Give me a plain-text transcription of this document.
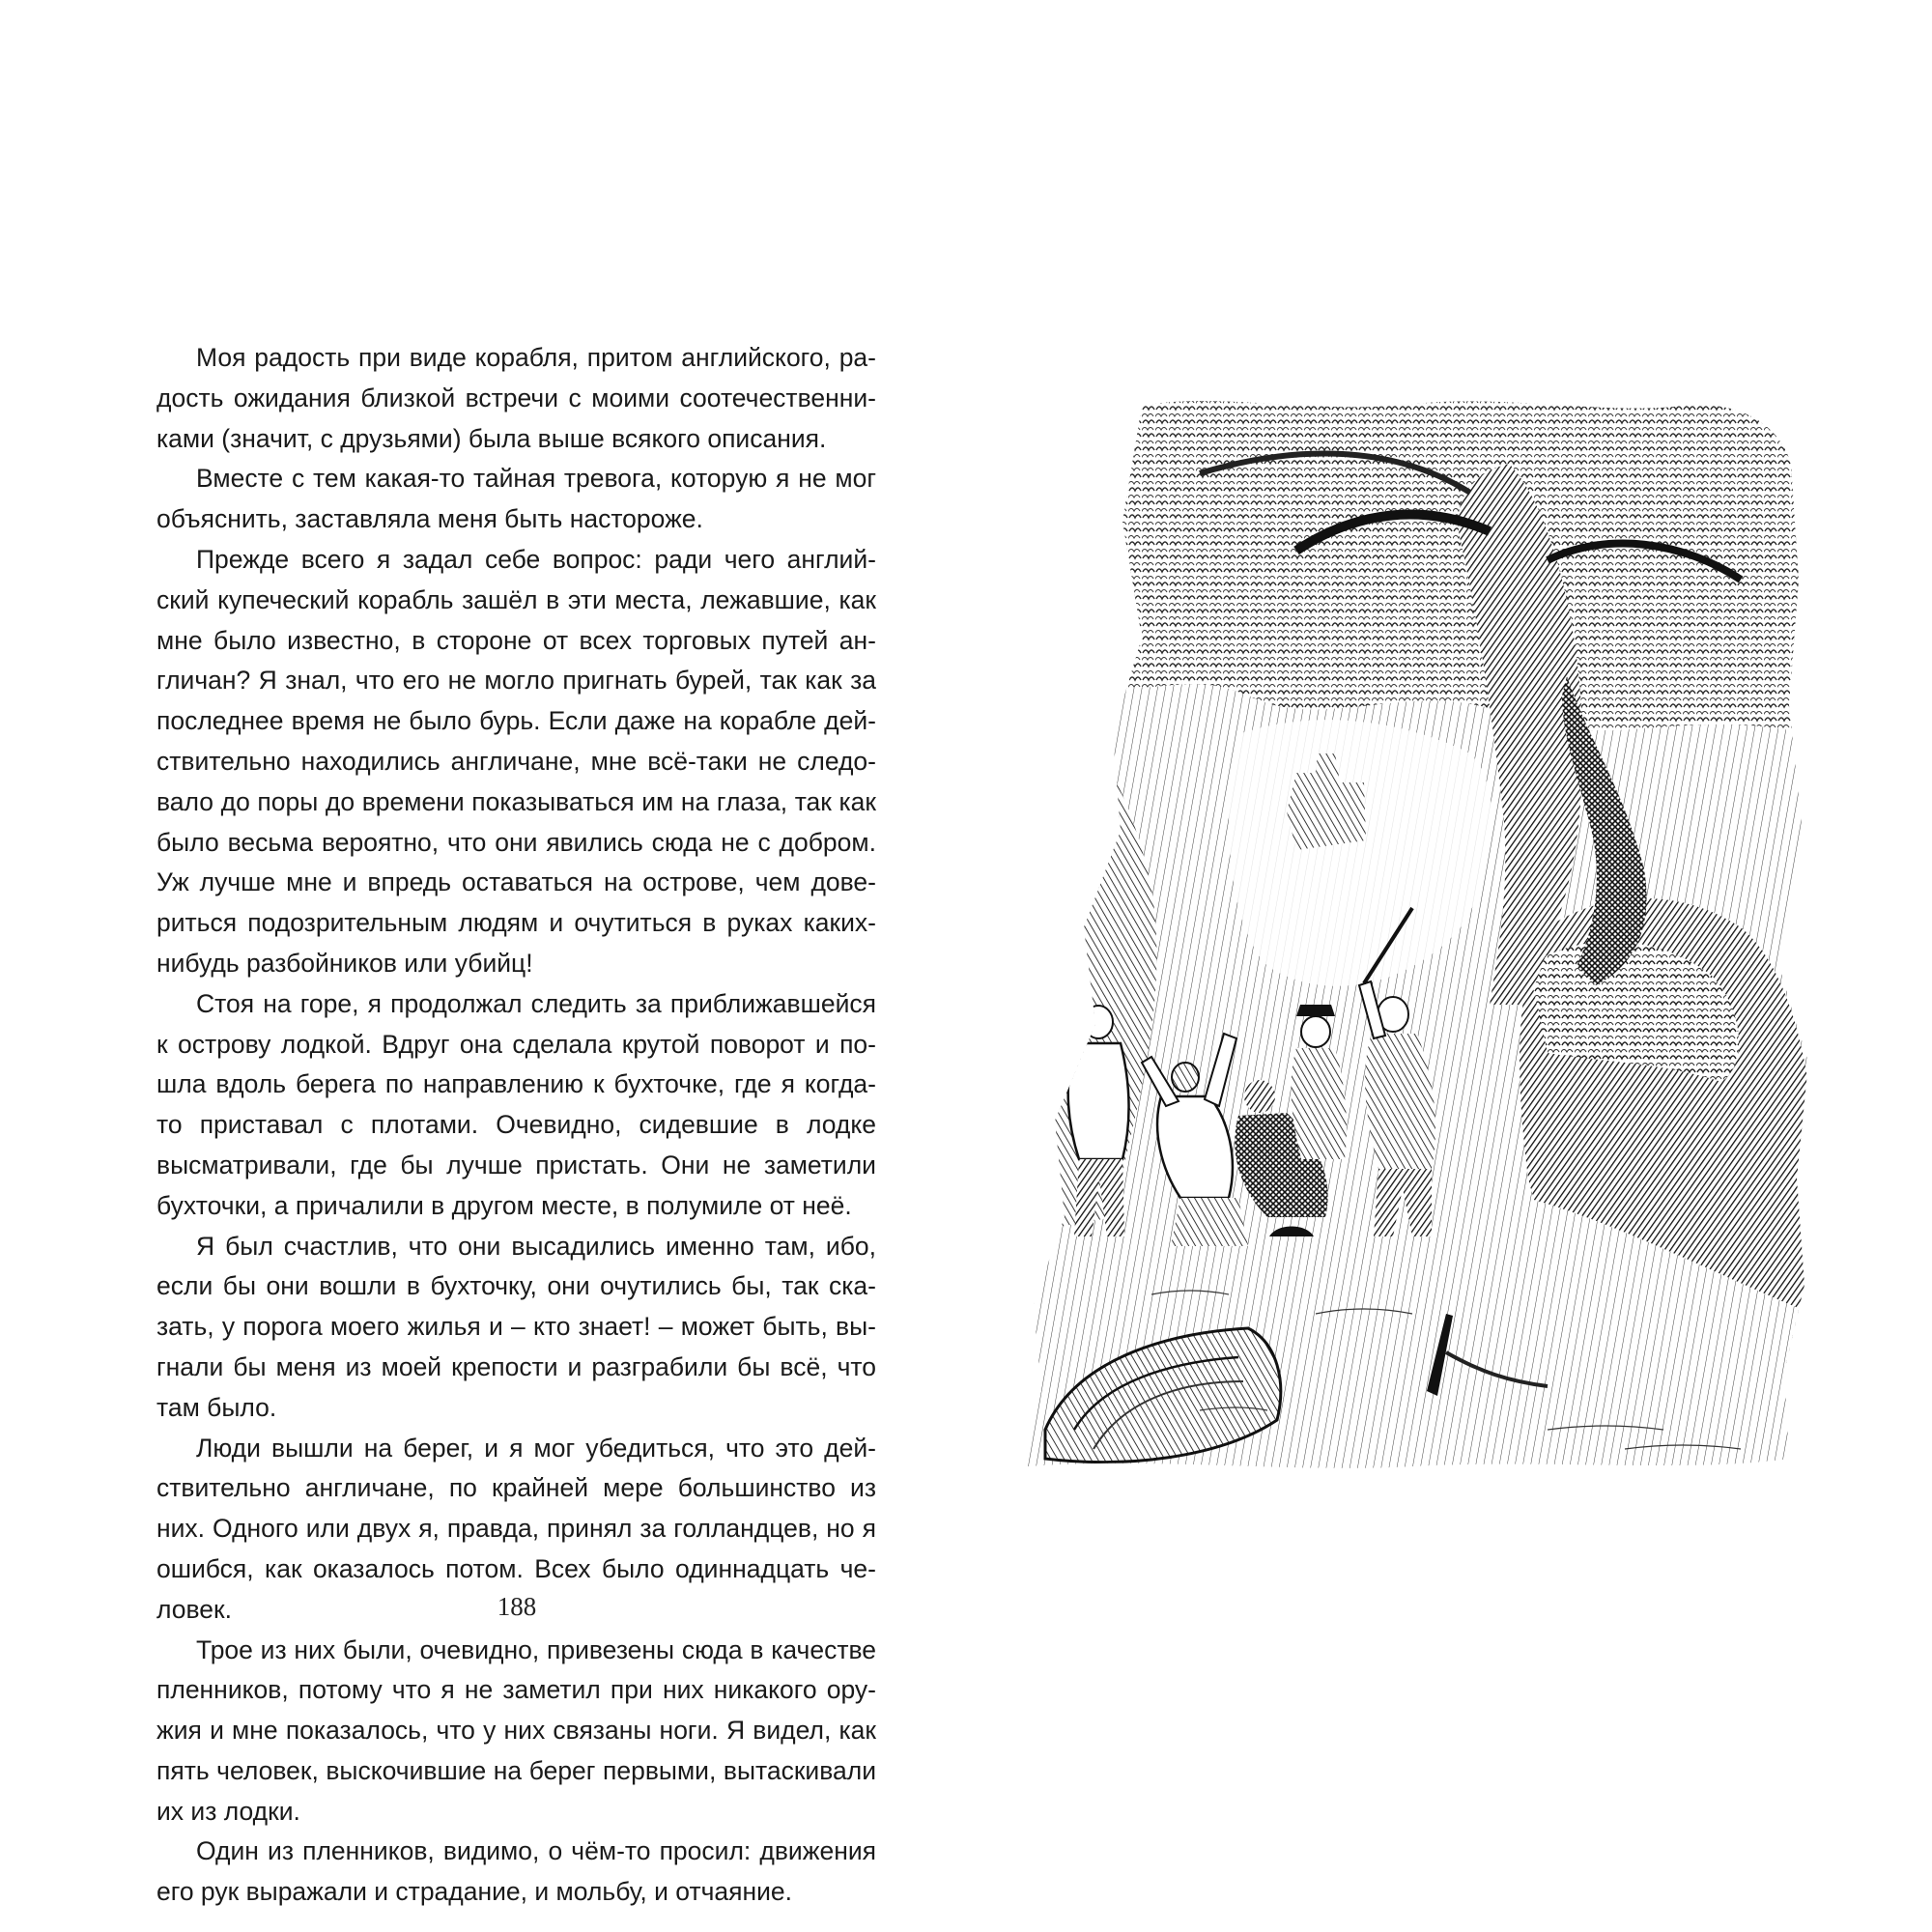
Моя радость при виде корабля, притом английского, радость ожидания близкой встречи с моими соотечественниками (значит, с друзьями) была выше всякого описания.

Вместе с тем какая-то тайная тревога, которую я не мог объяснить, заставляла меня быть настороже.

Прежде всего я задал себе вопрос: ради чего английский купеческий корабль зашёл в эти места, лежавшие, как мне было известно, в стороне от всех торговых путей англичан? Я знал, что его не могло пригнать бурей, так как за последнее время не было бурь. Если даже на корабле действительно находились англичане, мне всё-таки не следовало до поры до времени показываться им на глаза, так как было весьма вероятно, что они явились сюда не с добром. Уж лучше мне и впредь оставаться на острове, чем довериться подозрительным людям и очутиться в руках какихнибудь разбойников или убийц!

Стоя на горе, я продолжал следить за приближавшейся к острову лодкой. Вдруг она сделала крутой поворот и пошла вдоль берега по направлению к бухточке, где я когда-то приставал с плотами. Очевидно, сидевшие в лодке высматривали, где бы лучше пристать. Они не заметили бухточки, а причалили в другом месте, в полумиле от неё.

Я был счастлив, что они высадились именно там, ибо, если бы они вошли в бухточку, они очутились бы, так сказать, у порога моего жилья и – кто знает! – может быть, выгнали бы меня из моей крепости и разграбили бы всё, что там было.

Люди вышли на берег, и я мог убедиться, что это действительно англичане, по крайней мере большинство из них. Одного или двух я, правда, принял за голландцев, но я ошибся, как оказалось потом. Всех было одиннадцать человек.

Трое из них были, очевидно, привезены сюда в качестве пленников, потому что я не заметил при них никакого оружия и мне показалось, что у них связаны ноги. Я видел, как пять человек, выскочившие на берег первыми, вытаскивали их из лодки.

Один из пленников, видимо, о чём-то просил: движения его рук выражали и страдание, и мольбу, и отчаяние.

188
